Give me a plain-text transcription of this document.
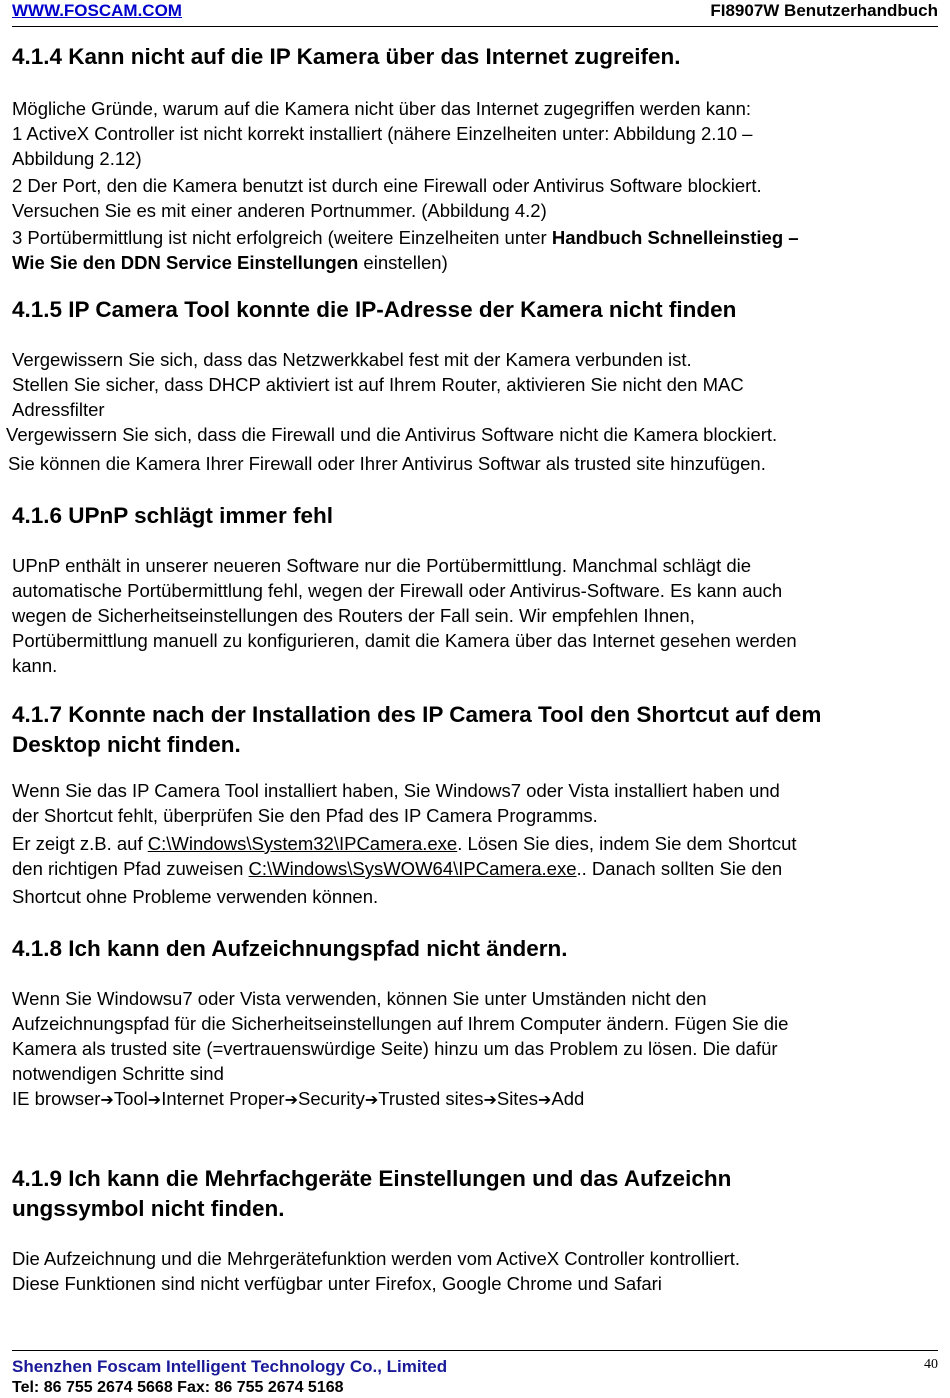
WWW.FOSCAM.COM	FI8907W Benutzerhandbuch

4.1.4 Kann nicht auf die IP Kamera über das Internet zugreifen.

Mögliche Gründe, warum auf die Kamera nicht über das Internet zugegriffen werden kann:

1 ActiveX Controller ist nicht korrekt installiert (nähere Einzelheiten unter: Abbildung 2.10 –
Abbildung 2.12)

2 Der Port, den die Kamera benutzt ist durch eine Firewall oder Antivirus Software blockiert.
Versuchen Sie es mit einer anderen Portnummer. (Abbildung 4.2)

3 Portübermittlung ist nicht erfolgreich (weitere Einzelheiten unter Handbuch Schnelleinstieg –
Wie Sie den DDN Service Einstellungen einstellen)

4.1.5 IP Camera Tool konnte die IP-Adresse der Kamera nicht finden

Vergewissern Sie sich, dass das Netzwerkkabel fest mit der Kamera verbunden ist.

Stellen Sie sicher, dass DHCP aktiviert ist auf Ihrem Router, aktivieren Sie nicht den MAC
Adressfilter

Vergewissern Sie sich, dass die Firewall und die Antivirus Software nicht die Kamera blockiert.

Sie können die Kamera Ihrer Firewall oder Ihrer Antivirus Softwar als trusted site hinzufügen.

4.1.6 UPnP schlägt immer fehl

UPnP enthält in unserer neueren Software nur die Portübermittlung. Manchmal schlägt die
automatische Portübermittlung fehl, wegen der Firewall oder Antivirus-Software. Es kann auch
wegen de Sicherheitseinstellungen des Routers der Fall sein. Wir empfehlen Ihnen,
Portübermittlung manuell zu konfigurieren, damit die Kamera über das Internet gesehen werden
kann.

4.1.7 Konnte nach der Installation des IP Camera Tool den Shortcut auf dem
Desktop nicht finden.

Wenn Sie das IP Camera Tool installiert haben, Sie Windows7 oder Vista installiert haben und
der Shortcut fehlt, überprüfen Sie den Pfad des IP Camera Programms.

Er zeigt z.B. auf C:\Windows\System32\IPCamera.exe. Lösen Sie dies, indem Sie dem Shortcut
den richtigen Pfad zuweisen C:\Windows\SysWOW64\IPCamera.exe.. Danach sollten Sie den

Shortcut ohne Probleme verwenden können.

4.1.8 Ich kann den Aufzeichnungspfad nicht ändern.

Wenn Sie Windowsu7 oder Vista verwenden, können Sie unter Umständen nicht den
Aufzeichnungspfad für die Sicherheitseinstellungen auf Ihrem Computer ändern. Fügen Sie die
Kamera als trusted site (=vertrauenswürdige Seite) hinzu um das Problem zu lösen. Die dafür
notwendigen Schritte sind

IE browser➔Tool➔Internet Proper➔Security➔Trusted sites➔Sites➔Add

4.1.9 Ich kann die Mehrfachgeräte Einstellungen und das Aufzeichn
ungssymbol nicht finden.

Die Aufzeichnung und die Mehrgerätefunktion werden vom ActiveX Controller kontrolliert.
Diese Funktionen sind nicht verfügbar unter Firefox, Google Chrome und Safari

Shenzhen Foscam Intelligent Technology Co., Limited
Tel: 86 755 2674 5668 Fax: 86 755 2674 5168
40
